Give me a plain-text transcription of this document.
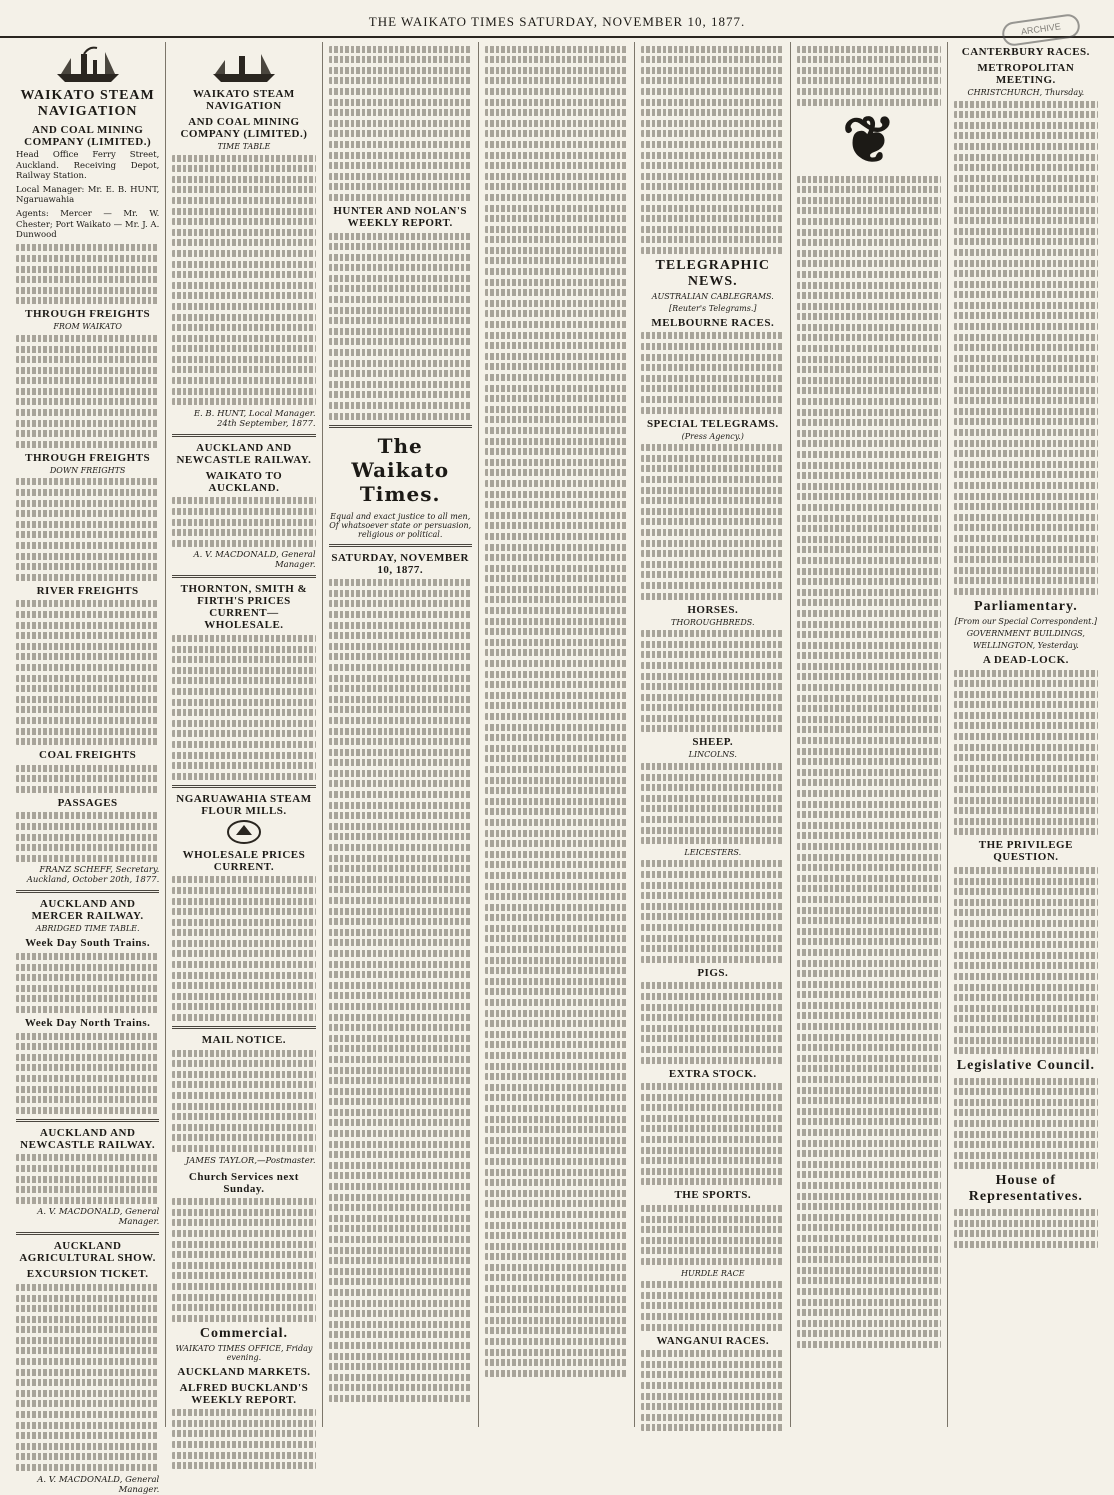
THE WAIKATO TIMES SATURDAY, NOVEMBER 10, 1877.	ARCHIVE
WAIKATO STEAM NAVIGATION
AND COAL MINING COMPANY (LIMITED.)

Head Office Ferry Street, Auckland. Receiving Depot, Railway Station.

Local Manager: Mr. E. B. HUNT, Ngaruawahia

Agents: Mercer — Mr. W. Chester; Port Waikato — Mr. J. A. Dunwood

THROUGH FREIGHTS
FROM WAIKATO
THROUGH FREIGHTS
DOWN FREIGHTS
RIVER FREIGHTS
COAL FREIGHTS
PASSAGES
FRANZ SCHEFF, Secretary. Auckland, October 20th, 1877.
AUCKLAND AND MERCER RAILWAY.
ABRIDGED TIME TABLE.
Week Day South Trains.
Week Day North Trains.
AUCKLAND AND NEWCASTLE RAILWAY.
A. V. MACDONALD, General Manager.
AUCKLAND AGRICULTURAL SHOW.
EXCURSION TICKET.
A. V. MACDONALD, General Manager.
WAIKATO STEAM NAVIGATION
AND COAL MINING COMPANY (LIMITED.)
TIME TABLE
E. B. HUNT, Local Manager. 24th September, 1877.
AUCKLAND AND NEWCASTLE RAILWAY.
WAIKATO TO AUCKLAND.
A. V. MACDONALD, General Manager.
THORNTON, SMITH & FIRTH'S PRICES CURRENT—WHOLESALE.
NGARUAWAHIA STEAM FLOUR MILLS.
WHOLESALE PRICES CURRENT.
MAIL NOTICE.
JAMES TAYLOR,—Postmaster.
Church Services next Sunday.
Commercial.
WAIKATO TIMES OFFICE, Friday evening.
AUCKLAND MARKETS.
ALFRED BUCKLAND'S WEEKLY REPORT.
HUNTER AND NOLAN'S WEEKLY REPORT.
The Waikato Times.
Equal and exact justice to all men, Of whatsoever state or persuasion, religious or political.
SATURDAY, NOVEMBER 10, 1877.
TELEGRAPHIC NEWS.
AUSTRALIAN CABLEGRAMS.
[Reuter's Telegrams.]
MELBOURNE RACES.
SPECIAL TELEGRAMS.
(Press Agency.)
HORSES.
THOROUGHBREDS.
SHEEP.
LINCOLNS.
LEICESTERS.
PIGS.
EXTRA STOCK.
THE SPORTS.
HURDLE RACE
WANGANUI RACES.
❦
CANTERBURY RACES.
METROPOLITAN MEETING.
CHRISTCHURCH, Thursday.
Parliamentary.
[From our Special Correspondent.]
GOVERNMENT BUILDINGS,
WELLINGTON, Yesterday.
A DEAD-LOCK.
THE PRIVILEGE QUESTION.
Legislative Council.
House of Representatives.
